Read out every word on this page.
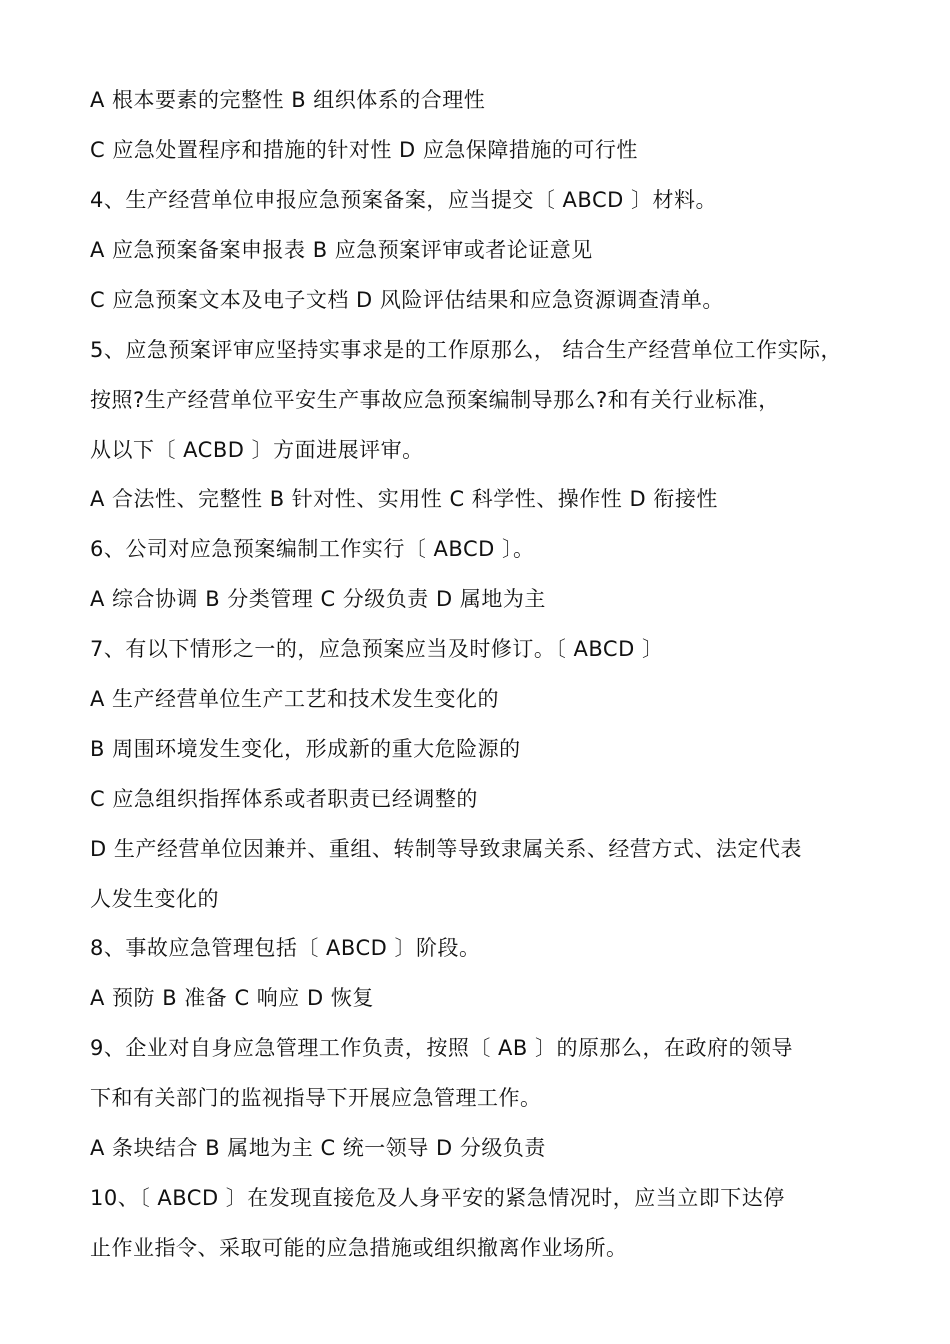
A 根本要素的完整性 B 组织体系的合理性
C 应急处置程序和措施的针对性 D 应急保障措施的可行性
4、生产经营单位申报应急预案备案，应当提交〔 ABCD 〕材料。
A 应急预案备案申报表 B 应急预案评审或者论证意见
C 应急预案文本及电子文档 D 风险评估结果和应急资源调查清单。
5、应急预案评审应坚持实事求是的工作原那么， 结合生产经营单位工作实际，
按照?生产经营单位平安生产事故应急预案编制导那么?和有关行业标准，
从以下〔 ACBD 〕方面进展评审。
A 合法性、完整性 B 针对性、实用性 C 科学性、操作性 D 衔接性
6、公司对应急预案编制工作实行〔 ABCD 〕。
A 综合协调 B 分类管理 C 分级负责 D 属地为主
7、有以下情形之一的，应急预案应当及时修订。〔 ABCD 〕
A 生产经营单位生产工艺和技术发生变化的
B 周围环境发生变化，形成新的重大危险源的
C 应急组织指挥体系或者职责已经调整的
D 生产经营单位因兼并、重组、转制等导致隶属关系、经营方式、法定代表
人发生变化的
8、事故应急管理包括〔 ABCD 〕阶段。
A 预防 B 准备 C 响应 D 恢复
9、企业对自身应急管理工作负责，按照〔 AB 〕的原那么，在政府的领导
下和有关部门的监视指导下开展应急管理工作。
A 条块结合 B 属地为主 C 统一领导 D 分级负责
10、〔 ABCD 〕在发现直接危及人身平安的紧急情况时，应当立即下达停
止作业指令、采取可能的应急措施或组织撤离作业场所。
